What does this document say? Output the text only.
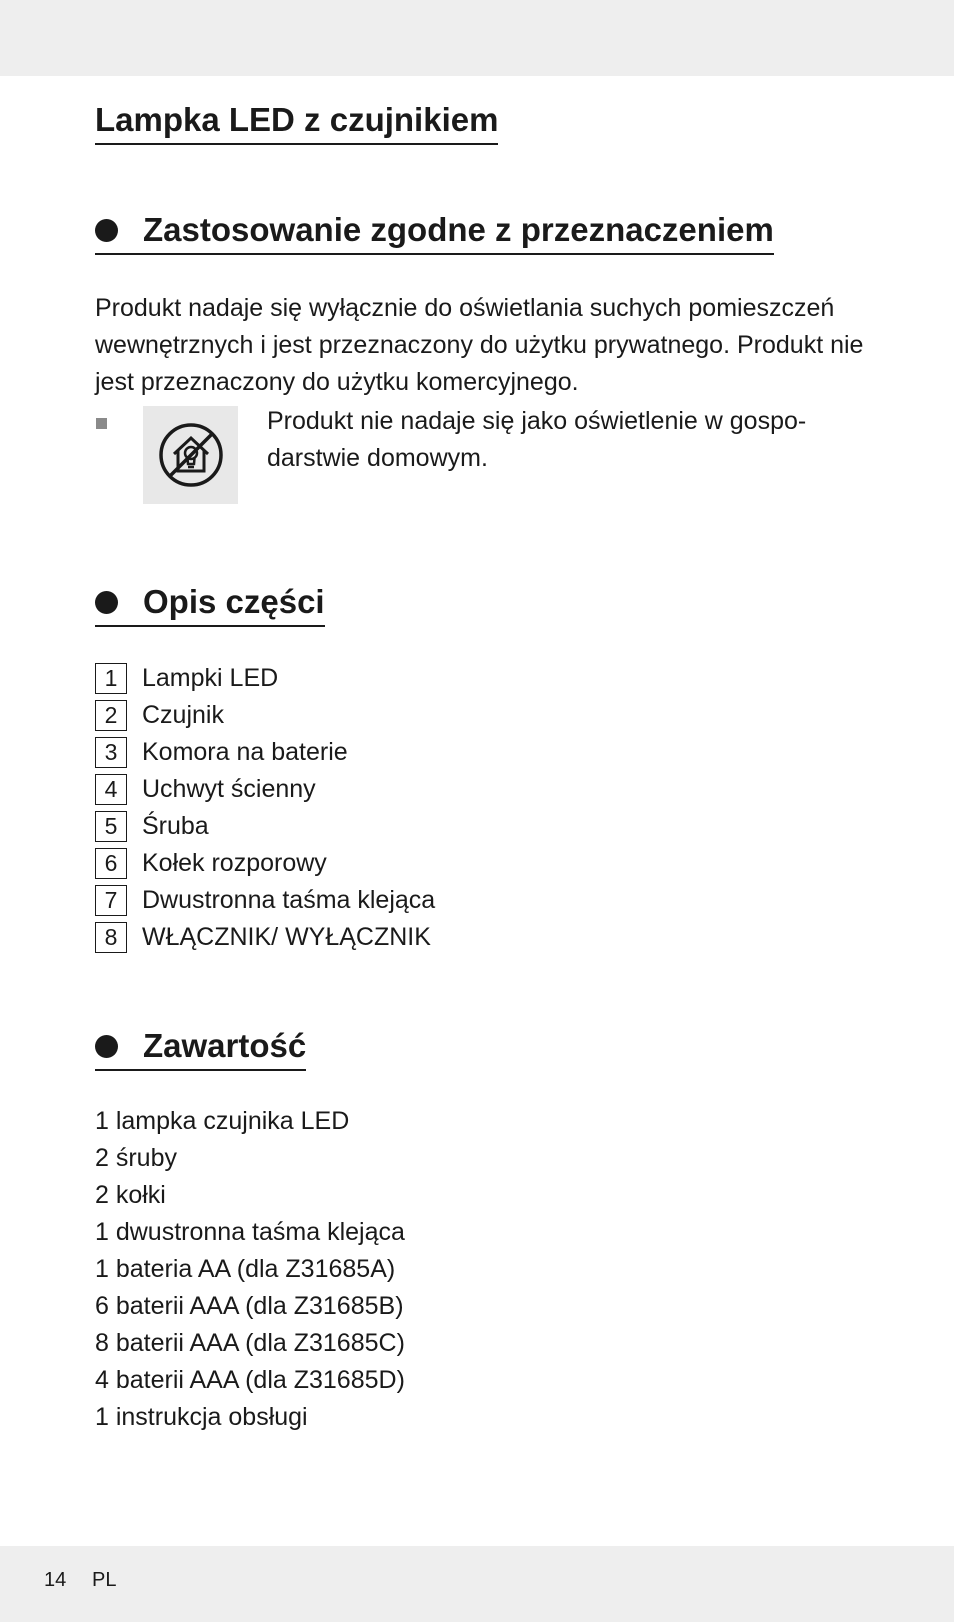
Lampka LED z czujnikiem
Zastosowanie zgodne z przeznaczeniem

Produkt nadaje się wyłącznie do oświetlania suchych pomieszczeń wewnętrznych i jest przeznaczony do użytku prywatnego. Produkt nie jest przeznaczony do użytku komercyjnego.

Produkt nie nadaje się jako oświetlenie w gospo-darstwie domowym.

Opis części
1 Lampki LED
2 Czujnik
3 Komora na baterie
4 Uchwyt ścienny
5 Śruba
6 Kołek rozporowy
7 Dwustronna taśma klejąca
8 WŁĄCZNIK/ WYŁĄCZNIK
Zawartość
1 lampka czujnika LED
2 śruby
2 kołki
1 dwustronna taśma klejąca
1 bateria AA (dla Z31685A)
6 baterii AAA (dla Z31685B)
8 baterii AAA (dla Z31685C)
4 baterii AAA (dla Z31685D)
1 instrukcja obsługi
14 PL
